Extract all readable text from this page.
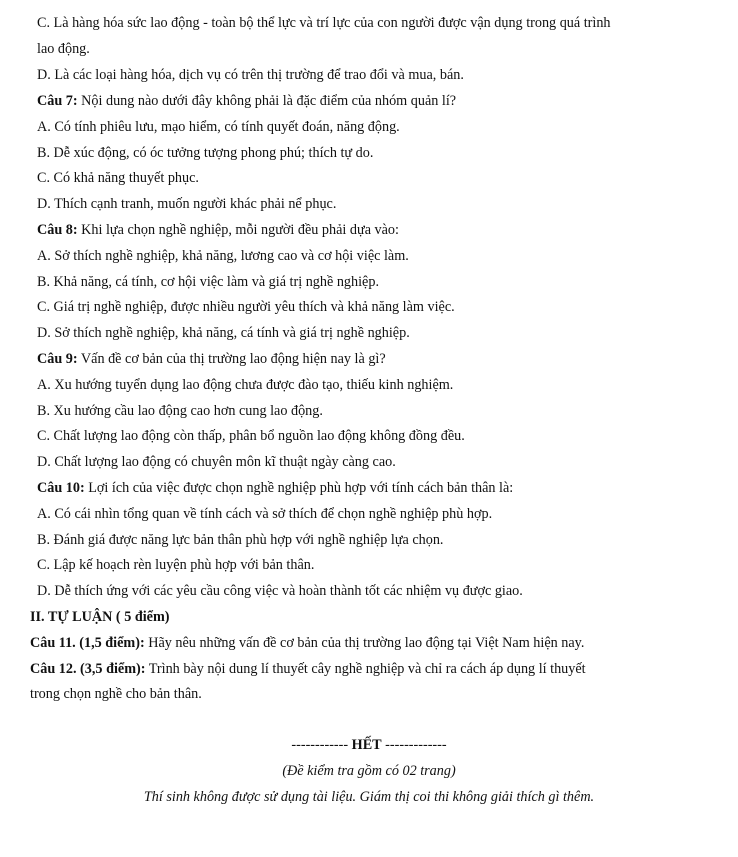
C. Là hàng hóa sức lao động - toàn bộ thể lực và trí lực của con người được vận dụng trong quá trình
lao động.
D. Là các loại hàng hóa, dịch vụ có trên thị trường để trao đổi và mua, bán.
Câu 7: Nội dung nào dưới đây không phải là đặc điểm của nhóm quản lí?
A. Có tính phiêu lưu, mạo hiểm, có tính quyết đoán, năng động.
B. Dễ xúc động, có óc tưởng tượng phong phú; thích tự do.
C. Có khả năng thuyết phục.
D. Thích cạnh tranh, muốn người khác phải nể phục.
Câu 8: Khi lựa chọn nghề nghiệp, mỗi người đều phải dựa vào:
A. Sở thích nghề nghiệp, khả năng, lương cao và cơ hội việc làm.
B. Khả năng, cá tính, cơ hội việc làm và giá trị nghề nghiệp.
C. Giá trị nghề nghiệp, được nhiều người yêu thích và khả năng làm việc.
D. Sở thích nghề nghiệp, khả năng, cá tính và giá trị nghề nghiệp.
Câu 9: Vấn đề cơ bản của thị trường lao động hiện nay là gì?
A. Xu hướng tuyển dụng lao động chưa được đào tạo, thiếu kinh nghiệm.
B. Xu hướng cầu lao động cao hơn cung lao động.
C. Chất lượng lao động còn thấp, phân bổ nguồn lao động không đồng đều.
D. Chất lượng lao động có chuyên môn kĩ thuật ngày càng cao.
Câu 10: Lợi ích của việc được chọn nghề nghiệp phù hợp với tính cách bản thân là:
A. Có cái nhìn tổng quan về tính cách và sở thích để chọn nghề nghiệp phù hợp.
B. Đánh giá được năng lực bản thân phù hợp với nghề nghiệp lựa chọn.
C. Lập kế hoạch rèn luyện phù hợp với bản thân.
D. Dễ thích ứng với các yêu cầu công việc và hoàn thành tốt các nhiệm vụ được giao.
II. TỰ LUẬN ( 5 điểm)
Câu 11. (1,5 điểm): Hãy nêu những vấn đề cơ bản của thị trường lao động tại Việt Nam hiện nay.
Câu 12. (3,5 điểm): Trình bày nội dung lí thuyết cây nghề nghiệp và chỉ ra cách áp dụng lí thuyết
trong chọn nghề cho bản thân.
------------ HẾT -------------
(Đề kiểm tra gồm có 02 trang)
Thí sinh không được sử dụng tài liệu. Giám thị coi thi không giải thích gì thêm.
